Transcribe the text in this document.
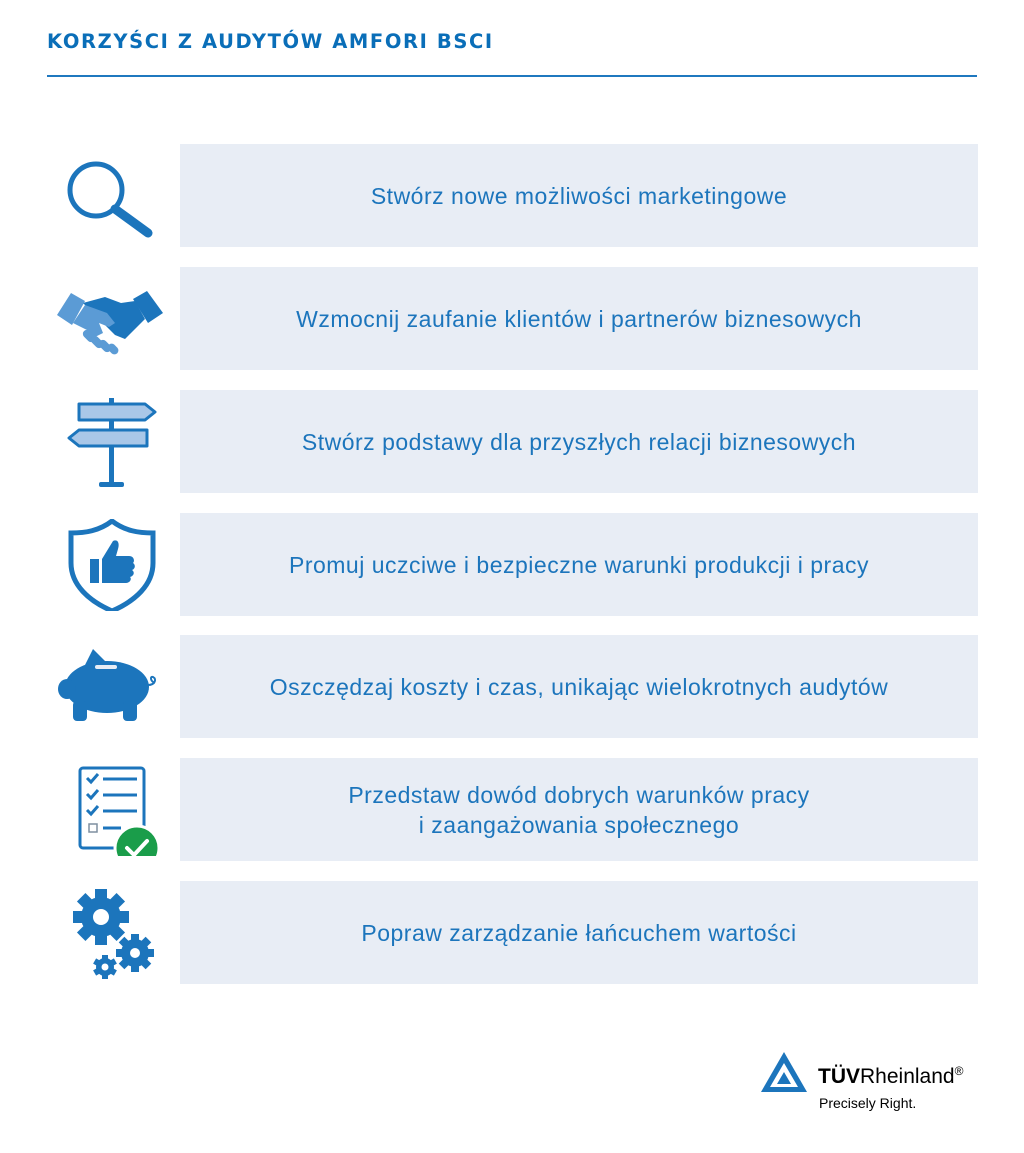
KORZYŚCI Z AUDYTÓW AMFORI BSCI
Stwórz nowe możliwości marketingowe
Wzmocnij zaufanie klientów i partnerów biznesowych
Stwórz podstawy dla przyszłych relacji biznesowych
Promuj uczciwe i bezpieczne warunki produkcji i pracy
Oszczędzaj koszty i czas, unikając wielokrotnych audytów
Przedstaw dowód dobrych warunków pracy
i zaangażowania społecznego
Popraw zarządzanie łańcuchem wartości
TÜVRheinland®
Precisely Right.
